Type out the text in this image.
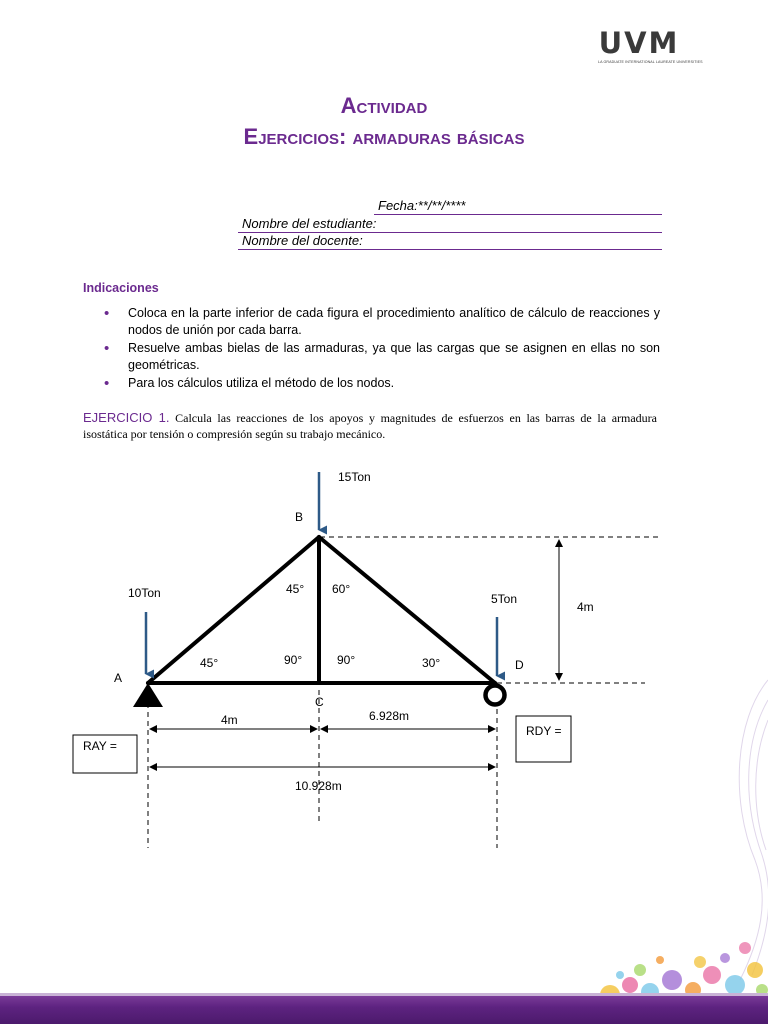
UVM
LA GRADUATE INTERNATIONAL LAUREATE UNIVERSITIES
Actividad
Ejercicios: armaduras básicas
Fecha:**/**/****
Nombre del estudiante:
Nombre del docente:
Indicaciones
• Coloca en la parte inferior de cada figura el procedimiento analítico de cálculo de reacciones y nodos de unión por cada barra.
• Resuelve ambas bielas de las armaduras, ya que las cargas que se asignen en ellas no son geométricas.
• Para los cálculos utiliza el método de los nodos.
EJERCICIO 1. Calcula las reacciones de los apoyos y magnitudes de esfuerzos en las barras de la armadura isostática por tensión o compresión según su trabajo mecánico.
15Ton
B
10Ton	5Ton
4m
45° 60°
45°	90°	90°	30°	D
A
C
4m	6.928m
10.928m
RAY =
RDY =
